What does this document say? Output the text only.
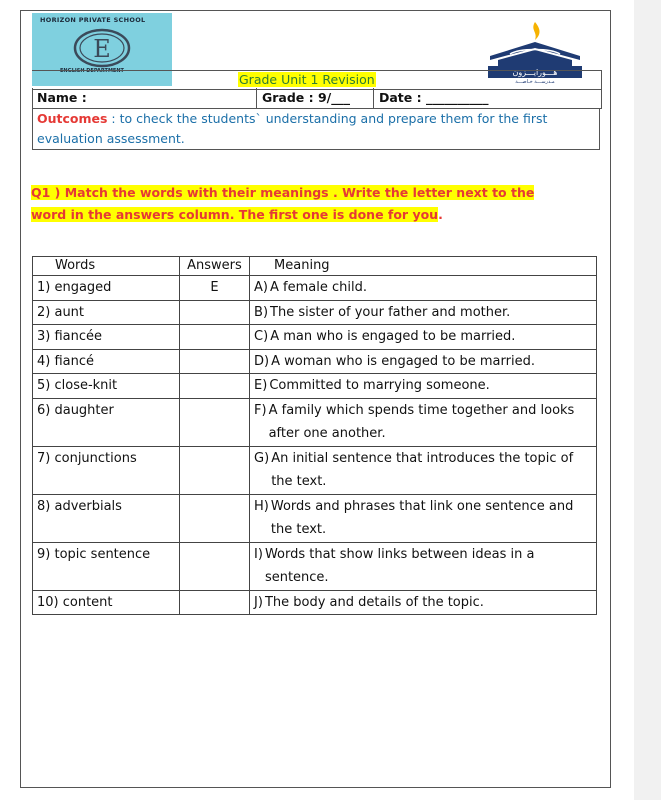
HORIZON PRIVATE SCHOOL
E
ENGLISH DEPARTMENT	هـــورايـــزون
مـدرســـة خـاصـــة
Grade Unit 1 Revision
Name :	Grade : 9/___ Date : __________
Outcomes : to check the students` understanding and prepare them for the first evaluation assessment.
Q1 ) Match the words with their meanings . Write the letter next to the word in the answers column. The first one is done for you.
Words	Answers	Meaning
1) engaged	E	A) A female child.

2) aunt		B) The sister of your father and mother.

3) fiancée		C) A man who is engaged to be married.

4) fiancé		D) A woman who is engaged to be married.

5) close-knit		E) Committed to marrying someone.

6) daughter		F) A family which spends time together and looks after one another.

7) conjunctions		G) An initial sentence that introduces the topic of the text.

8) adverbials		H) Words and phrases that link one sentence and the text.

9) topic sentence		I) Words that show links between ideas in a sentence.

10) content		J) The body and details of the topic.
